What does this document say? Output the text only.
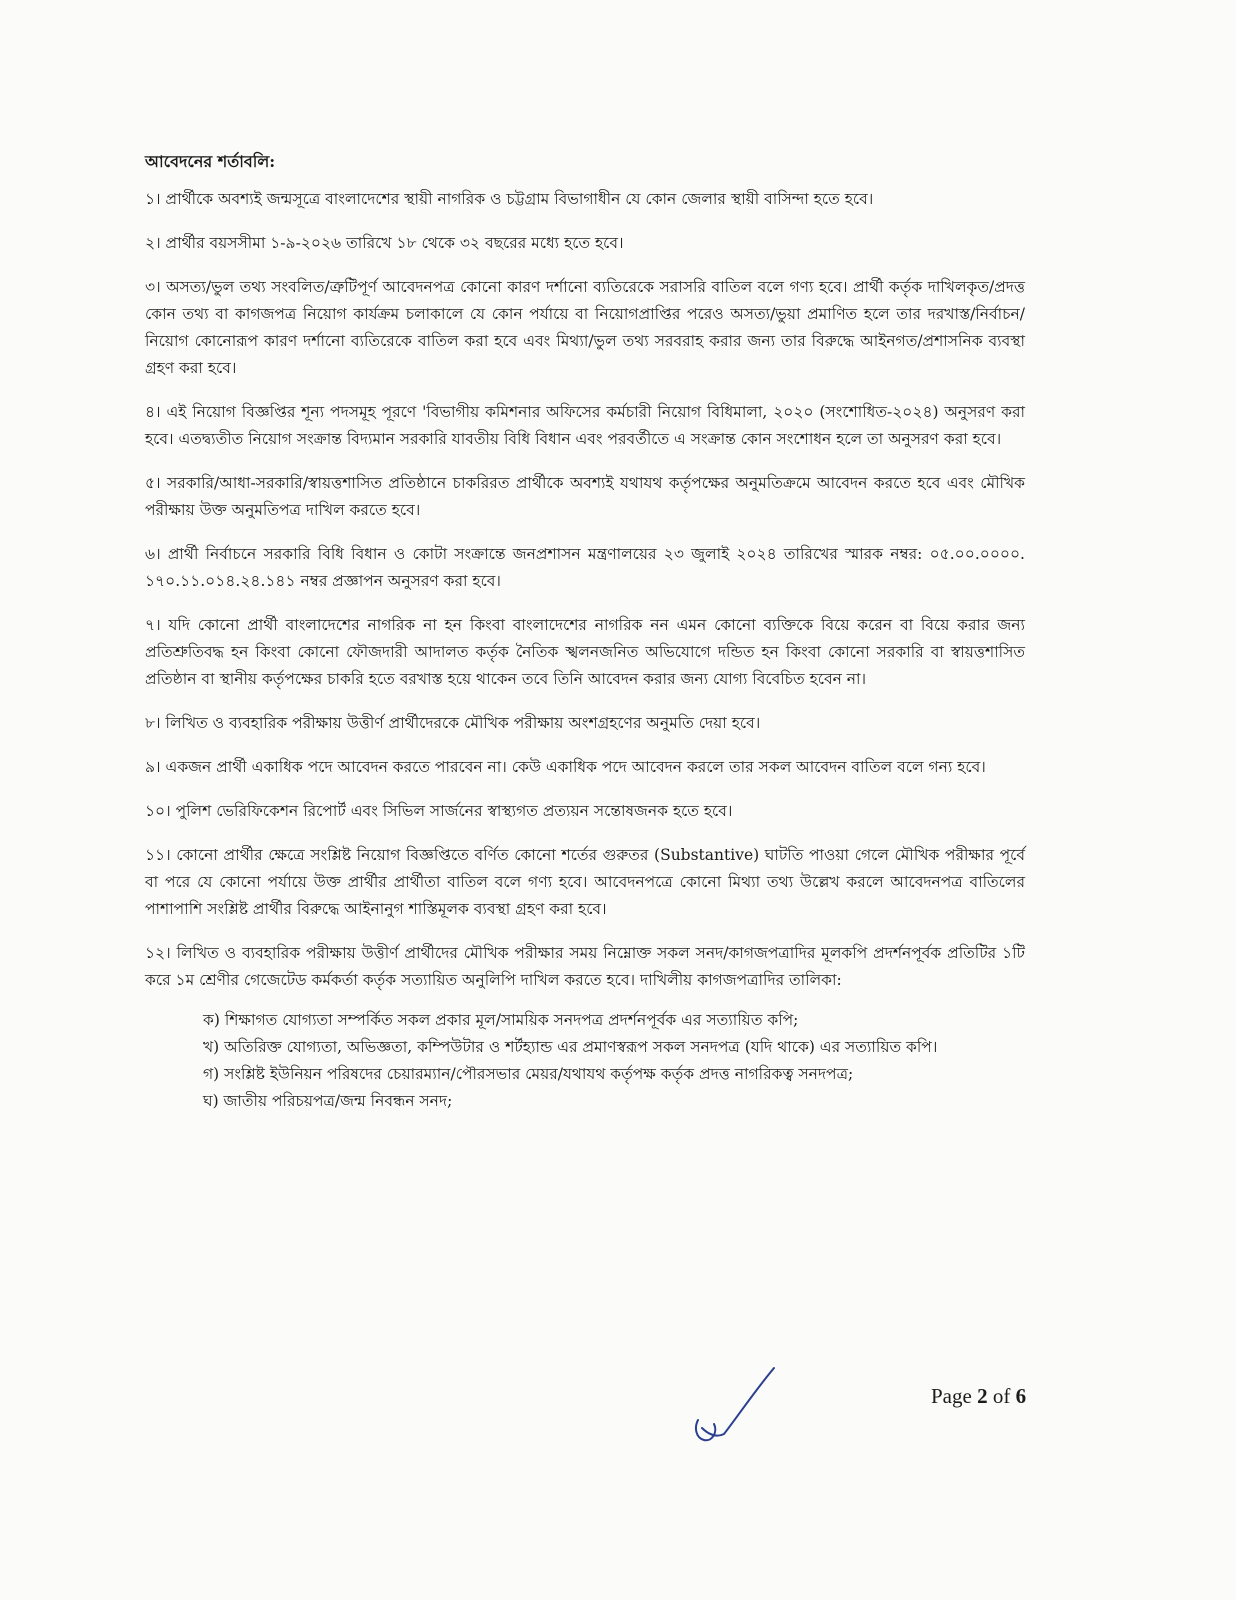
আবেদনের শর্তাবলি:

১। প্রার্থীকে অবশ্যই জন্মসূত্রে বাংলাদেশের স্থায়ী নাগরিক ও চট্টগ্রাম বিভাগাধীন যে কোন জেলার স্থায়ী বাসিন্দা হতে হবে।

২। প্রার্থীর বয়সসীমা ১-৯-২০২৬ তারিখে ১৮ থেকে ৩২ বছরের মধ্যে হতে হবে।

৩। অসত্য/ভুল তথ্য সংবলিত/ত্রুটিপূর্ণ আবেদনপত্র কোনো কারণ দর্শানো ব্যতিরেকে সরাসরি বাতিল বলে গণ্য হবে। প্রার্থী কর্তৃক দাখিলকৃত/প্রদত্ত কোন তথ্য বা কাগজপত্র নিয়োগ কার্যক্রম চলাকালে যে কোন পর্যায়ে বা নিয়োগপ্রাপ্তির পরেও অসত্য/ভুয়া প্রমাণিত হলে তার দরখাস্ত/নির্বাচন/নিয়োগ কোনোরূপ কারণ দর্শানো ব্যতিরেকে বাতিল করা হবে এবং মিথ্যা/ভুল তথ্য সরবরাহ করার জন্য তার বিরুদ্ধে আইনগত/প্রশাসনিক ব্যবস্থা গ্রহণ করা হবে।

৪। এই নিয়োগ বিজ্ঞপ্তির শূন্য পদসমূহ পূরণে 'বিভাগীয় কমিশনার অফিসের কর্মচারী নিয়োগ বিধিমালা, ২০২০ (সংশোধিত-২০২৪) অনুসরণ করা হবে। এতদ্ব্যতীত নিয়োগ সংক্রান্ত বিদ্যমান সরকারি যাবতীয় বিধি বিধান এবং পরবর্তীতে এ সংক্রান্ত কোন সংশোধন হলে তা অনুসরণ করা হবে।

৫। সরকারি/আধা-সরকারি/স্বায়ত্তশাসিত প্রতিষ্ঠানে চাকরিরত প্রার্থীকে অবশ্যই যথাযথ কর্তৃপক্ষের অনুমতিক্রমে আবেদন করতে হবে এবং মৌখিক পরীক্ষায় উক্ত অনুমতিপত্র দাখিল করতে হবে।

৬। প্রার্থী নির্বাচনে সরকারি বিধি বিধান ও কোটা সংক্রান্তে জনপ্রশাসন মন্ত্রণালয়ের ২৩ জুলাই ২০২৪ তারিখের স্মারক নম্বর: ০৫.০০.০০০০. ১৭০.১১.০১৪.২৪.১৪১ নম্বর প্রজ্ঞাপন অনুসরণ করা হবে।

৭। যদি কোনো প্রার্থী বাংলাদেশের নাগরিক না হন কিংবা বাংলাদেশের নাগরিক নন এমন কোনো ব্যক্তিকে বিয়ে করেন বা বিয়ে করার জন্য প্রতিশ্রুতিবদ্ধ হন কিংবা কোনো ফৌজদারী আদালত কর্তৃক নৈতিক স্খলনজনিত অভিযোগে দন্ডিত হন কিংবা কোনো সরকারি বা স্বায়ত্তশাসিত প্রতিষ্ঠান বা স্থানীয় কর্তৃপক্ষের চাকরি হতে বরখাস্ত হয়ে থাকেন তবে তিনি আবেদন করার জন্য যোগ্য বিবেচিত হবেন না।

৮। লিখিত ও ব্যবহারিক পরীক্ষায় উত্তীর্ণ প্রার্থীদেরকে মৌখিক পরীক্ষায় অংশগ্রহণের অনুমতি দেয়া হবে।

৯। একজন প্রার্থী একাধিক পদে আবেদন করতে পারবেন না। কেউ একাধিক পদে আবেদন করলে তার সকল আবেদন বাতিল বলে গন্য হবে।

১০। পুলিশ ভেরিফিকেশন রিপোর্ট এবং সিভিল সার্জনের স্বাস্থ্যগত প্রত্যয়ন সন্তোষজনক হতে হবে।

১১। কোনো প্রার্থীর ক্ষেত্রে সংশ্লিষ্ট নিয়োগ বিজ্ঞপ্তিতে বর্ণিত কোনো শর্তের গুরুতর (Substantive) ঘাটতি পাওয়া গেলে মৌখিক পরীক্ষার পূর্বে বা পরে যে কোনো পর্যায়ে উক্ত প্রার্থীর প্রার্থীতা বাতিল বলে গণ্য হবে। আবেদনপত্রে কোনো মিথ্যা তথ্য উল্লেখ করলে আবেদনপত্র বাতিলের পাশাপাশি সংশ্লিষ্ট প্রার্থীর বিরুদ্ধে আইনানুগ শাস্তিমূলক ব্যবস্থা গ্রহণ করা হবে।

১২। লিখিত ও ব্যবহারিক পরীক্ষায় উত্তীর্ণ প্রার্থীদের মৌখিক পরীক্ষার সময় নিম্নোক্ত সকল সনদ/কাগজপত্রাদির মূলকপি প্রদর্শনপূর্বক প্রতিটির ১টি করে ১ম শ্রেণীর গেজেটেড কর্মকর্তা কর্তৃক সত্যায়িত অনুলিপি দাখিল করতে হবে। দাখিলীয় কাগজপত্রাদির তালিকা:

ক) শিক্ষাগত যোগ্যতা সম্পর্কিত সকল প্রকার মূল/সাময়িক সনদপত্র প্রদর্শনপূর্বক এর সত্যায়িত কপি;
খ) অতিরিক্ত যোগ্যতা, অভিজ্ঞতা, কম্পিউটার ও শর্টহ্যান্ড এর প্রমাণস্বরূপ সকল সনদপত্র (যদি থাকে) এর সত্যায়িত কপি।
গ) সংশ্লিষ্ট ইউনিয়ন পরিষদের চেয়ারম্যান/পৌরসভার মেয়র/যথাযথ কর্তৃপক্ষ কর্তৃক প্রদত্ত নাগরিকত্ব সনদপত্র;
ঘ) জাতীয় পরিচয়পত্র/জন্ম নিবন্ধন সনদ;
Page 2 of 6
